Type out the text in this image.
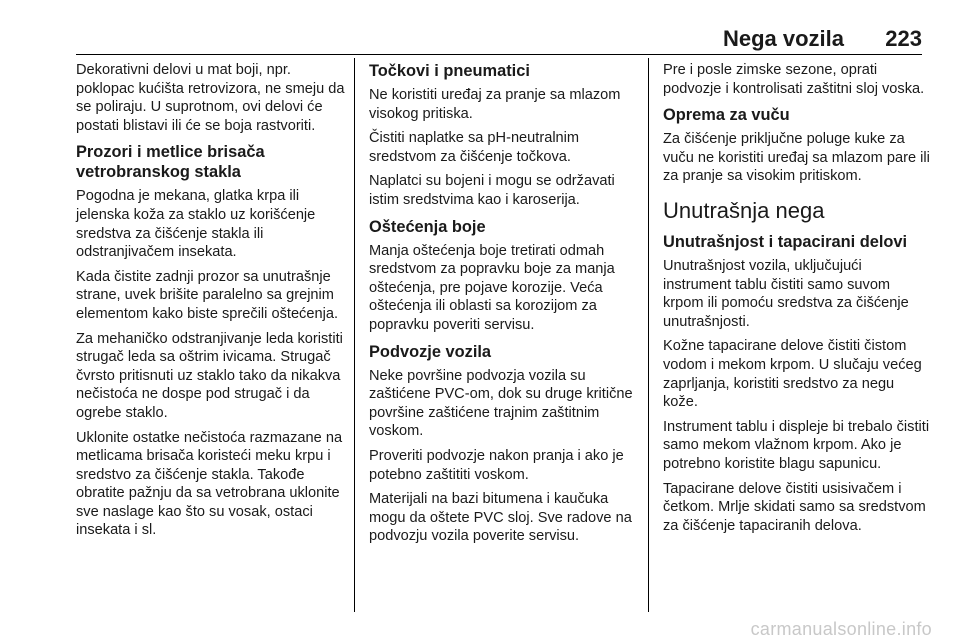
Nega vozila 223

Dekorativni delovi u mat boji, npr. poklopac kućišta retrovizora, ne smeju da se poliraju. U suprotnom, ovi delovi će postati blistavi ili će se boja rastvoriti.

Prozori i metlice brisača vetrobranskog stakla

Pogodna je mekana, glatka krpa ili jelenska koža za staklo uz korišćenje sredstva za čišćenje stakla ili odstranjivačem insekata.

Kada čistite zadnji prozor sa unutrašnje strane, uvek brišite paralelno sa grejnim elementom kako biste sprečili oštećenja.

Za mehaničko odstranjivanje leda koristiti strugač leda sa oštrim ivicama. Strugač čvrsto pritisnuti uz staklo tako da nikakva nečistoća ne dospe pod strugač i da ogrebe staklo.

Uklonite ostatke nečistoća razmazane na metlicama brisača koristeći meku krpu i sredstvo za čišćenje stakla. Takođe obratite pažnju da sa vetrobrana uklonite sve naslage kao što su vosak, ostaci insekata i sl.

Točkovi i pneumatici

Ne koristiti uređaj za pranje sa mlazom visokog pritiska.

Čistiti naplatke sa pH-neutralnim sredstvom za čišćenje točkova.

Naplatci su bojeni i mogu se održavati istim sredstvima kao i karoserija.

Oštećenja boje

Manja oštećenja boje tretirati odmah sredstvom za popravku boje za manja oštećenja, pre pojave korozije. Veća oštećenja ili oblasti sa korozijom za popravku poveriti servisu.

Podvozje vozila

Neke površine podvozja vozila su zaštićene PVC-om, dok su druge kritične površine zaštićene trajnim zaštitnim voskom.

Proveriti podvozje nakon pranja i ako je potebno zaštititi voskom.

Materijali na bazi bitumena i kaučuka mogu da oštete PVC sloj. Sve radove na podvozju vozila poverite servisu.

Pre i posle zimske sezone, oprati podvozje i kontrolisati zaštitni sloj voska.

Oprema za vuču

Za čišćenje priključne poluge kuke za vuču ne koristiti uređaj sa mlazom pare ili za pranje sa visokim pritiskom.

Unutrašnja nega
Unutrašnjost i tapacirani delovi

Unutrašnjost vozila, uključujući instrument tablu čistiti samo suvom krpom ili pomoću sredstva za čišćenje unutrašnjosti.

Kožne tapacirane delove čistiti čistom vodom i mekom krpom. U slučaju većeg zaprljanja, koristiti sredstvo za negu kože.

Instrument tablu i displeje bi trebalo čistiti samo mekom vlažnom krpom. Ako je potrebno koristite blagu sapunicu.

Tapacirane delove čistiti usisivačem i četkom. Mrlje skidati samo sa sredstvom za čišćenje tapaciranih delova.

carmanualsonline.info
